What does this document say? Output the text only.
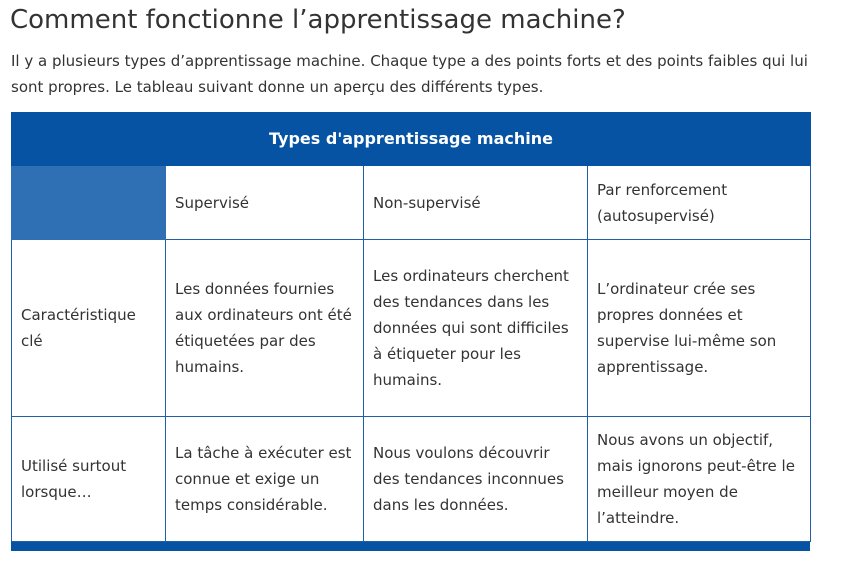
Comment fonctionne l’apprentissage machine?

Il y a plusieurs types d’apprentissage machine. Chaque type a des points forts et des points faibles qui lui sont propres. Le tableau suivant donne un aperçu des différents types.

Types d'apprentissage machine			

	Supervisé	Non-supervisé	Par renforcement (autosupervisé)

Caractéristique clé	Les données fournies aux ordinateurs ont été étiquetées par des humains.	Les ordinateurs cherchent des tendances dans les données qui sont difficiles à étiqueter pour les humains.	L’ordinateur crée ses propres données et supervise lui-même son apprentissage.

Utilisé surtout lorsque…	La tâche à exécuter est connue et exige un temps considérable.	Nous voulons découvrir des tendances inconnues dans les données.	Nous avons un objectif, mais ignorons peut-être le meilleur moyen de l’atteindre.
